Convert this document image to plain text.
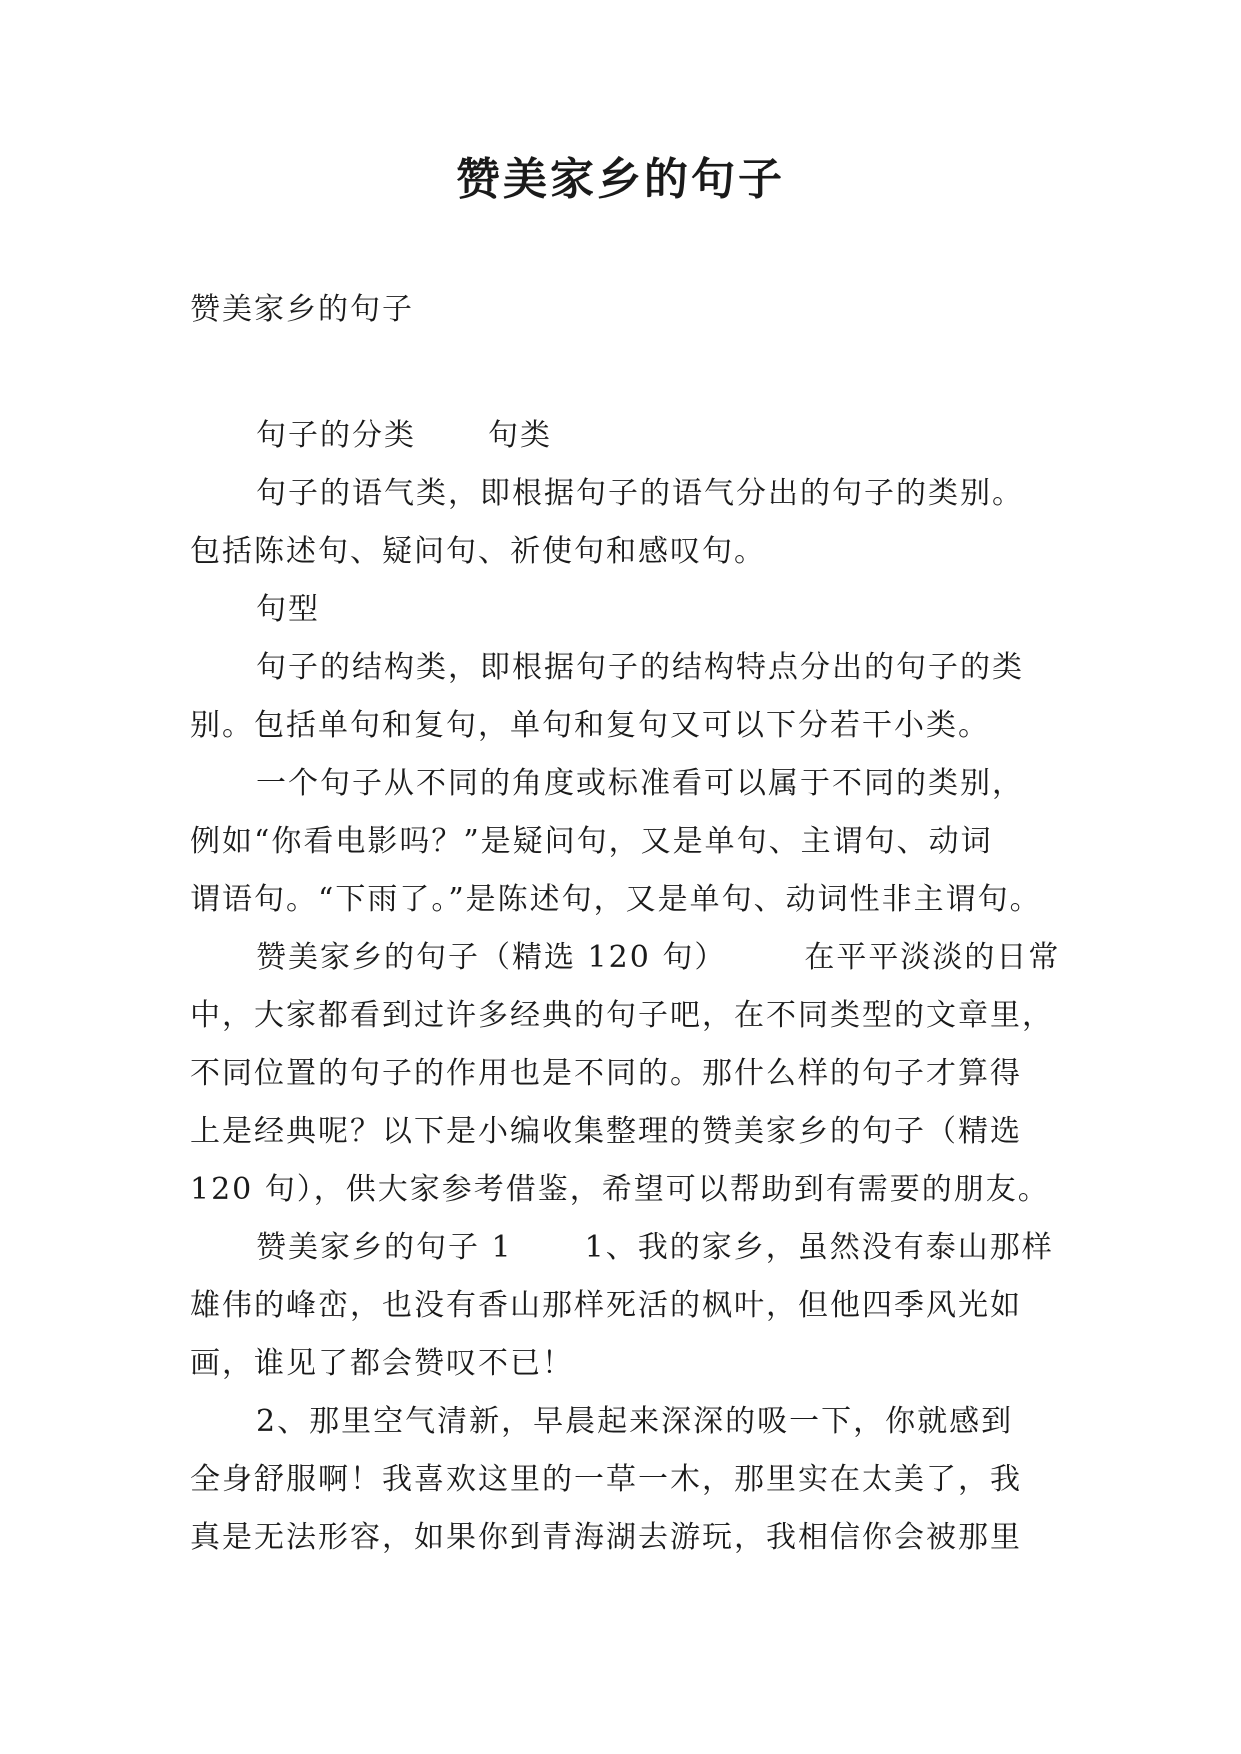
赞美家乡的句子

赞美家乡的句子

句子的分类 句类
句子的语气类，即根据句子的语气分出的句子的类别。
包括陈述句、疑问句、祈使句和感叹句。
句型
句子的结构类，即根据句子的结构特点分出的句子的类
别。包括单句和复句，单句和复句又可以下分若干小类。
一个句子从不同的角度或标准看可以属于不同的类别，
例如“你看电影吗？”是疑问句，又是单句、主谓句、动词
谓语句。“下雨了。”是陈述句，又是单句、动词性非主谓句。
赞美家乡的句子（精选 120 句）	在平平淡淡的日常
中，大家都看到过许多经典的句子吧，在不同类型的文章里，
不同位置的句子的作用也是不同的。那什么样的句子才算得
上是经典呢？以下是小编收集整理的赞美家乡的句子（精选
120 句），供大家参考借鉴，希望可以帮助到有需要的朋友。
赞美家乡的句子 1 1、我的家乡，虽然没有泰山那样
雄伟的峰峦，也没有香山那样死活的枫叶，但他四季风光如
画，谁见了都会赞叹不已！
2、那里空气清新，早晨起来深深的吸一下，你就感到
全身舒服啊！我喜欢这里的一草一木，那里实在太美了，我
真是无法形容，如果你到青海湖去游玩，我相信你会被那里
